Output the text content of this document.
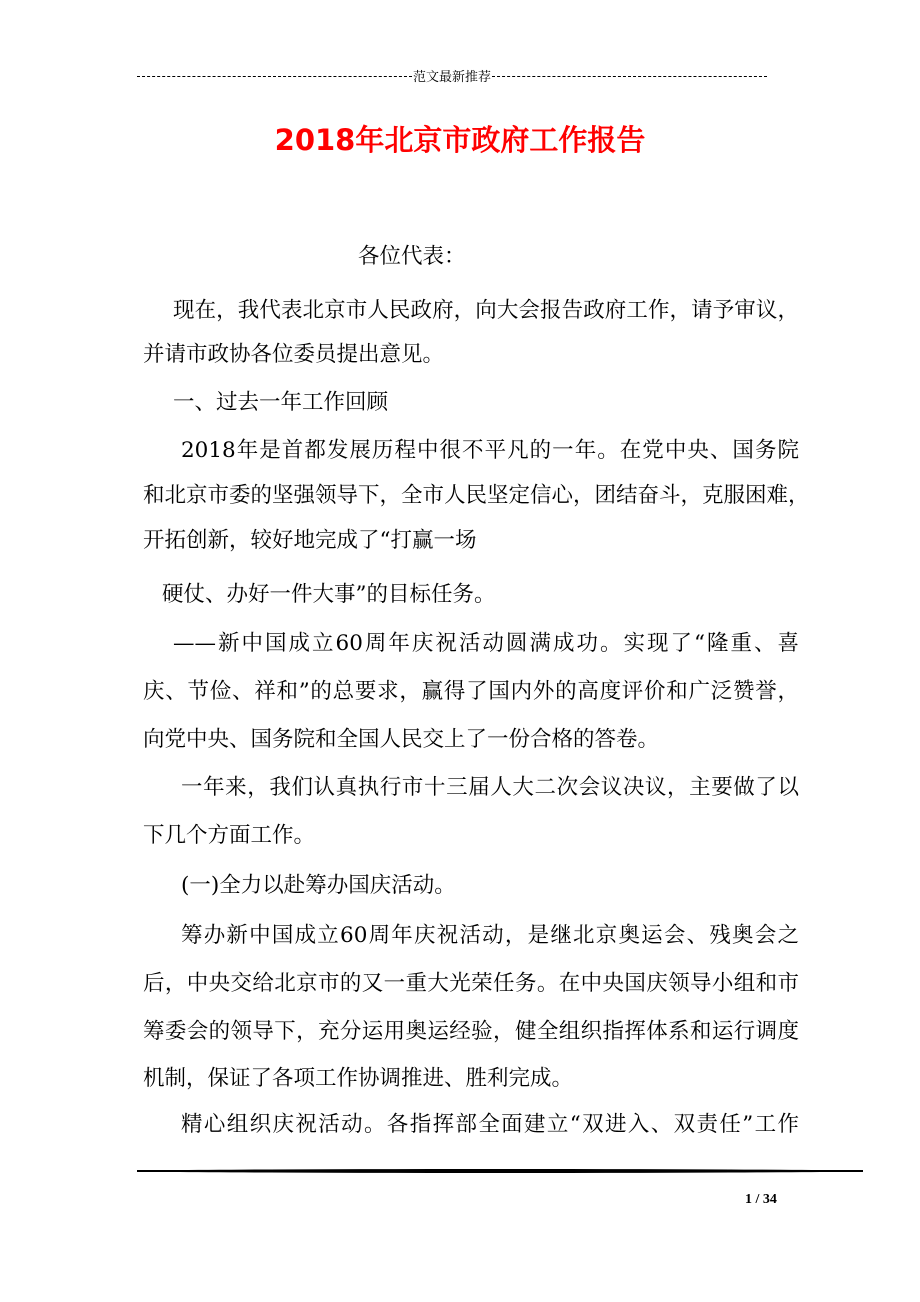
范文最新推荐
2018年北京市政府工作报告
各位代表：
现在，我代表北京市人民政府，向大会报告政府工作，请予审议，
并请市政协各位委员提出意见。
一、过去一年工作回顾
2018年是首都发展历程中很不平凡的一年。在党中央、国务院
和北京市委的坚强领导下，全市人民坚定信心，团结奋斗，克服困难，
开拓创新，较好地完成了“打赢一场
硬仗、办好一件大事”的目标任务。
——新中国成立60周年庆祝活动圆满成功。实现了“隆重、喜
庆、节俭、祥和”的总要求，赢得了国内外的高度评价和广泛赞誉，
向党中央、国务院和全国人民交上了一份合格的答卷。
一年来，我们认真执行市十三届人大二次会议决议，主要做了以
下几个方面工作。
(一)全力以赴筹办国庆活动。
筹办新中国成立60周年庆祝活动，是继北京奥运会、残奥会之
后，中央交给北京市的又一重大光荣任务。在中央国庆领导小组和市
筹委会的领导下，充分运用奥运经验，健全组织指挥体系和运行调度
机制，保证了各项工作协调推进、胜利完成。
精心组织庆祝活动。各指挥部全面建立“双进入、双责任”工作
1 / 34
